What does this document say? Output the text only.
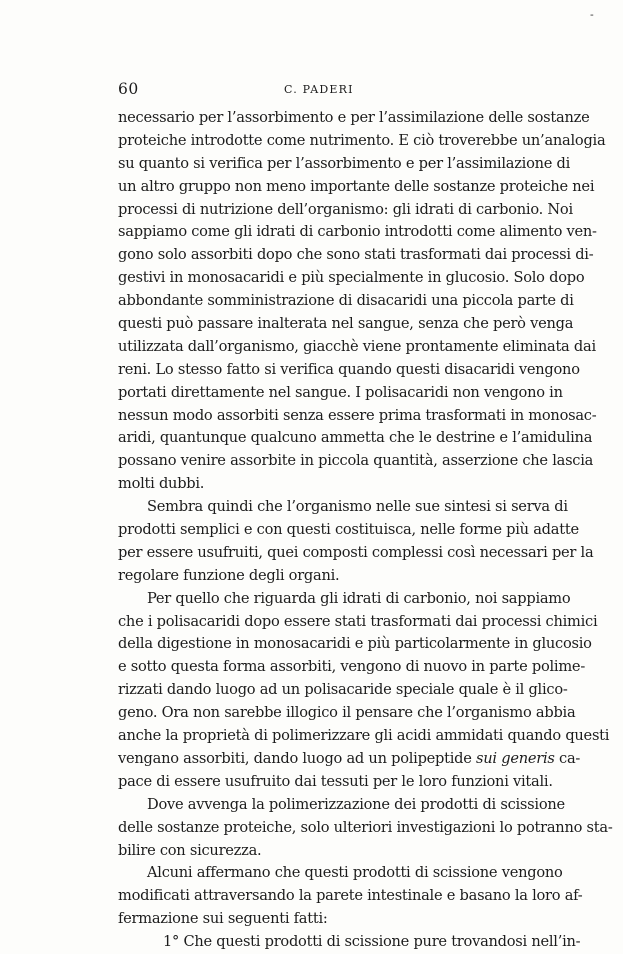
-
60	C. PADERI
necessario per l’assorbimento e per l’assimilazione delle sostanze
proteiche introdotte come nutrimento. E ciò troverebbe un’analogia
su quanto si verifica per l’assorbimento e per l’assimilazione di
un altro gruppo non meno importante delle sostanze proteiche nei
processi di nutrizione dell’organismo: gli idrati di carbonio. Noi
sappiamo come gli idrati di carbonio introdotti come alimento ven-
gono solo assorbiti dopo che sono stati trasformati dai processi di-
gestivi in monosacaridi e più specialmente in glucosio. Solo dopo
abbondante somministrazione di disacaridi una piccola parte di
questi può passare inalterata nel sangue, senza che però venga
utilizzata dall’organismo, giacchè viene prontamente eliminata dai
reni. Lo stesso fatto si verifica quando questi disacaridi vengono
portati direttamente nel sangue. I polisacaridi non vengono in
nessun modo assorbiti senza essere prima trasformati in monosac-
aridi, quantunque qualcuno ammetta che le destrine e l’amidulina
possano venire assorbite in piccola quantità, asserzione che lascia
molti dubbi.
Sembra quindi che l’organismo nelle sue sintesi si serva di
prodotti semplici e con questi costituisca, nelle forme più adatte
per essere usufruiti, quei composti complessi così necessari per la
regolare funzione degli organi.
Per quello che riguarda gli idrati di carbonio, noi sappiamo
che i polisacaridi dopo essere stati trasformati dai processi chimici
della digestione in monosacaridi e più particolarmente in glucosio
e sotto questa forma assorbiti, vengono di nuovo in parte polime-
rizzati dando luogo ad un polisacaride speciale quale è il glico-
geno. Ora non sarebbe illogico il pensare che l’organismo abbia
anche la proprietà di polimerizzare gli acidi ammidati quando questi
vengano assorbiti, dando luogo ad un polipeptide sui generis ca-
pace di essere usufruito dai tessuti per le loro funzioni vitali.
Dove avvenga la polimerizzazione dei prodotti di scissione
delle sostanze proteiche, solo ulteriori investigazioni lo potranno sta-
bilire con sicurezza.
Alcuni affermano che questi prodotti di scissione vengono
modificati attraversando la parete intestinale e basano la loro af-
fermazione sui seguenti fatti:
1° Che questi prodotti di scissione pure trovandosi nell’in-
